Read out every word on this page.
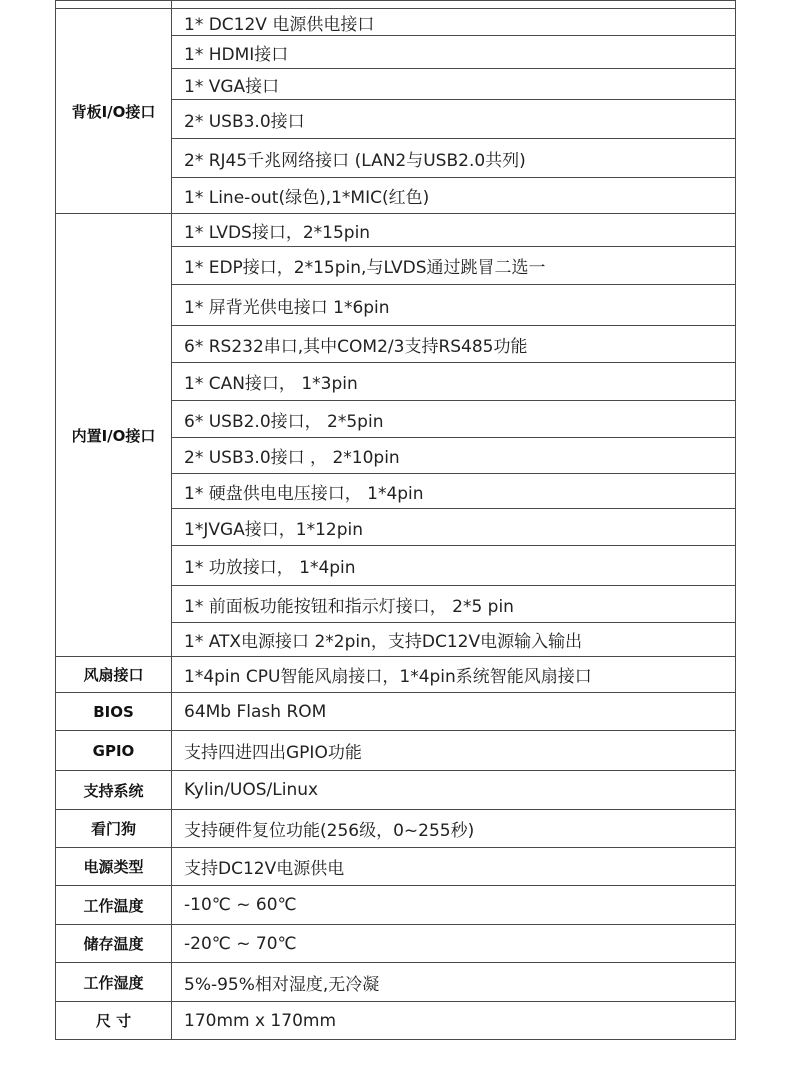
背板I/O接口	1* DC12V 电源供电接口
	1* HDMI接口
	1* VGA接口
	2* USB3.0接口
	2* RJ45千兆网络接口 (LAN2与USB2.0共列)
	1* Line-out(绿色),1*MIC(红色)
内置I/O接口	1* LVDS接口，2*15pin
	1* EDP接口，2*15pin,与LVDS通过跳冒二选一
	1* 屏背光供电接口 1*6pin
	6* RS232串口,其中COM2/3支持RS485功能
	1* CAN接口， 1*3pin
	6* USB2.0接口， 2*5pin
	2* USB3.0接口 ， 2*10pin
	1* 硬盘供电电压接口， 1*4pin
	1*JVGA接口，1*12pin
	1* 功放接口， 1*4pin
	1* 前面板功能按钮和指示灯接口， 2*5 pin
	1* ATX电源接口 2*2pin，支持DC12V电源输入输出
风扇接口	1*4pin CPU智能风扇接口，1*4pin系统智能风扇接口
BIOS	64Mb Flash ROM
GPIO	支持四进四出GPIO功能
支持系统	Kylin/UOS/Linux
看门狗	支持硬件复位功能(256级，0~255秒)
电源类型	支持DC12V电源供电
工作温度	-10℃ ~ 60℃
储存温度	-20℃ ~ 70℃
工作湿度	5%-95%相对湿度,无冷凝
尺 寸	170mm x 170mm
